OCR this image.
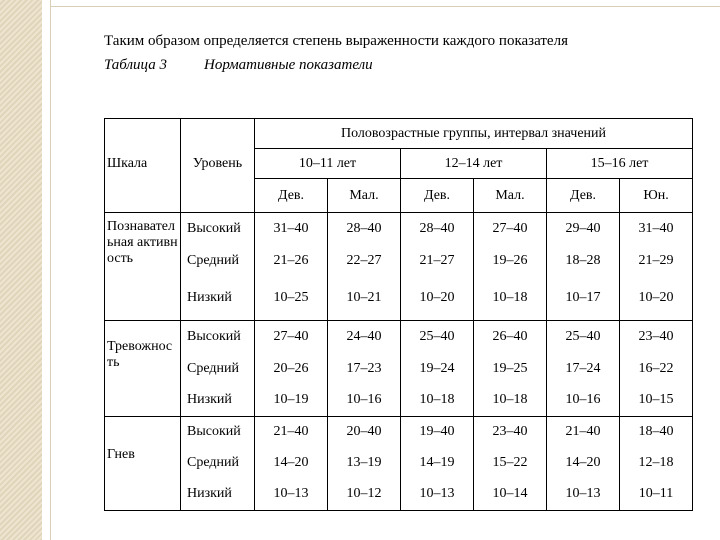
Таким образом определяется степень выраженности каждого показателя
Таблица 3 Нормативные показатели
		Половозрастные группы, интервал значений					
Шкала	Уровень	10–11 лет		12–14 лет		15–16 лет	
		Дев.	Мал.	Дев.	Мал.	Дев.	Юн.
Познавательная активность	Высокий	31–40	28–40	28–40	27–40	29–40	31–40
	Средний	21–26	22–27	21–27	19–26	18–28	21–29
	Низкий	10–25	10–21	10–20	10–18	10–17	10–20
Тревожность	Высокий	27–40	24–40	25–40	26–40	25–40	23–40
	Средний	20–26	17–23	19–24	19–25	17–24	16–22
	Низкий	10–19	10–16	10–18	10–18	10–16	10–15
Гнев	Высокий	21–40	20–40	19–40	23–40	21–40	18–40
	Средний	14–20	13–19	14–19	15–22	14–20	12–18
	Низкий	10–13	10–12	10–13	10–14	10–13	10–11
